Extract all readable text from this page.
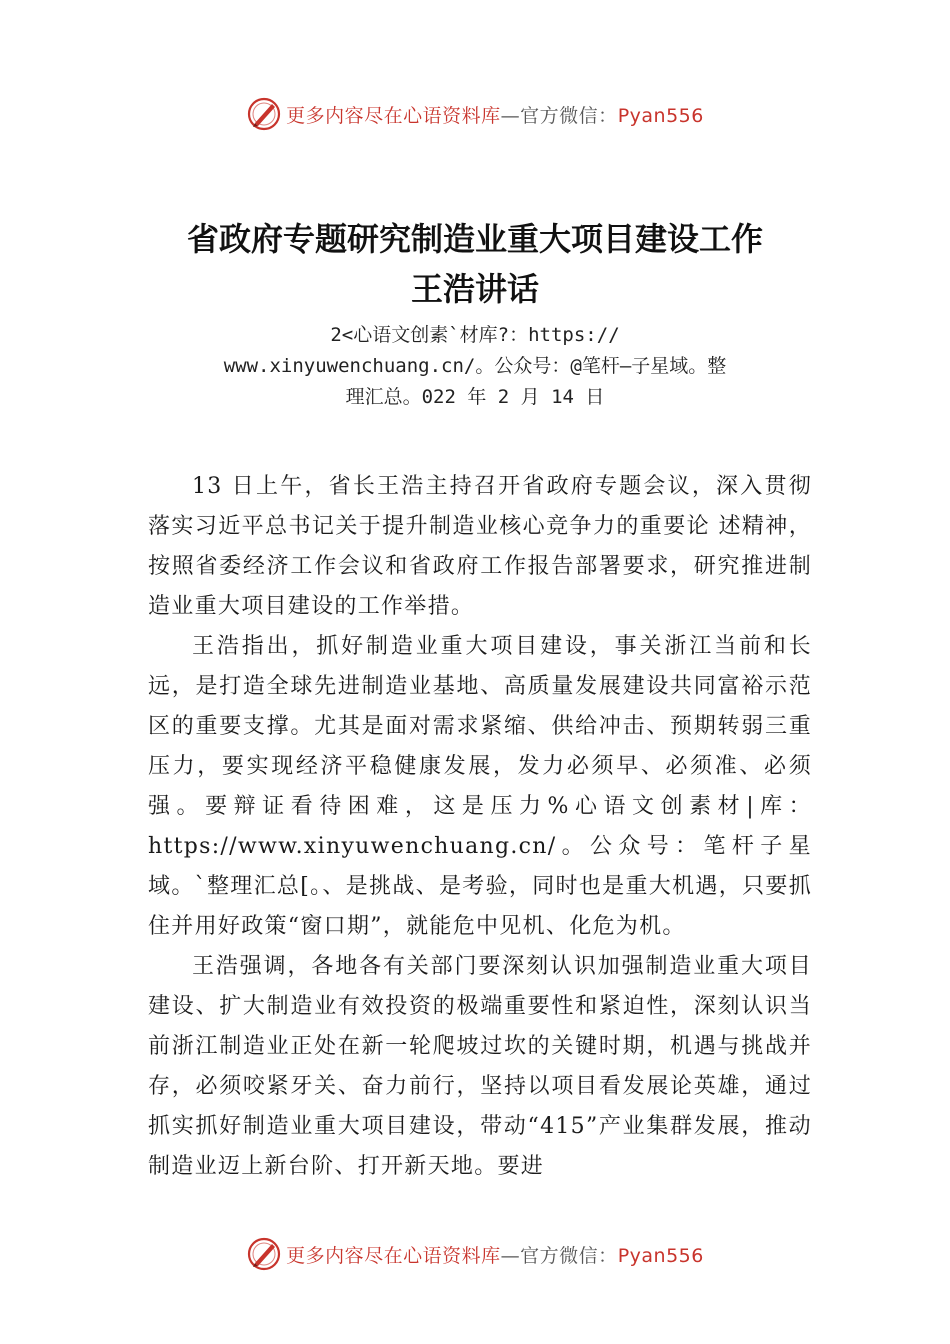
更多内容尽在心语资料库—官方微信：Pyan556
省政府专题研究制造业重大项目建设工作
王浩讲话
2<心语文创素`材库?：https://
www.xinyuwenchuang.cn/。公众号：@笔杆—子星域。整
理汇总。022 年 2 月 14 日

13 日上午，省长王浩主持召开省政府专题会议，深入贯彻落实习近平总书记关于提升制造业核心竞争力的重要论 述精神，按照省委经济工作会议和省政府工作报告部署要求，研究推进制造业重大项目建设的工作举措。

王浩指出，抓好制造业重大项目建设，事关浙江当前和长远，是打造全球先进制造业基地、高质量发展建设共同富裕示范区的重要支撑。尤其是面对需求紧缩、供给冲击、预期转弱三重压力，要实现经济平稳健康发展，发力必须早、必须准、必须强。要辩证看待困难，这是压力%心语文创素材|库：https://www.xinyuwenchuang.cn/。公众号：笔杆子星域。`整理汇总[。、是挑战、是考验，同时也是重大机遇，只要抓住并用好政策“窗口期”，就能危中见机、化危为机。

王浩强调，各地各有关部门要深刻认识加强制造业重大项目建设、扩大制造业有效投资的极端重要性和紧迫性，深刻认识当前浙江制造业正处在新一轮爬坡过坎的关键时期，机遇与挑战并存，必须咬紧牙关、奋力前行，坚持以项目看发展论英雄，通过抓实抓好制造业重大项目建设，带动“415”产业集群发展，推动制造业迈上新台阶、打开新天地。要进

更多内容尽在心语资料库—官方微信：Pyan556
